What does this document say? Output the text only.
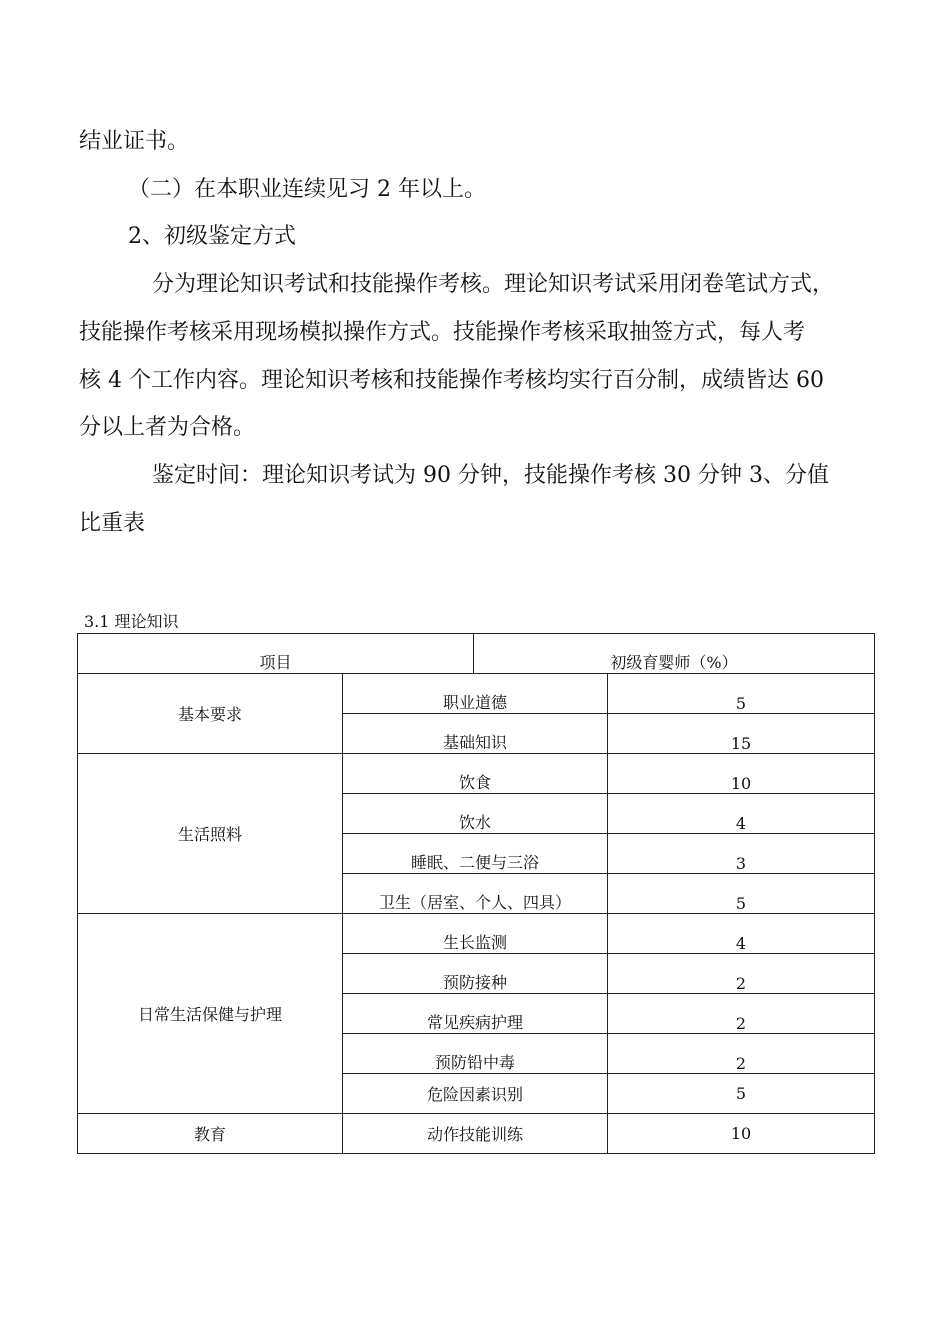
结业证书。
（二）在本职业连续见习 2 年以上。
2、初级鉴定方式
分为理论知识考试和技能操作考核。理论知识考试采用闭卷笔试方式，
技能操作考核采用现场模拟操作方式。技能操作考核采取抽签方式，每人考
核 4 个工作内容。理论知识考核和技能操作考核均实行百分制，成绩皆达 60
分以上者为合格。
鉴定时间：理论知识考试为 90 分钟，技能操作考核 30 分钟 3、分值
比重表
3.1 理论知识
项目		初级育婴师（%）	
基本要求	职业道德		5
	基础知识		15
生活照料	饮食		10
	饮水		4
	睡眠、二便与三浴		3
	卫生（居室、个人、四具）		5
日常生活保健与护理	生长监测		4
	预防接种		2
	常见疾病护理		2
	预防铅中毒		2
	危险因素识别		5
教育	动作技能训练		10
